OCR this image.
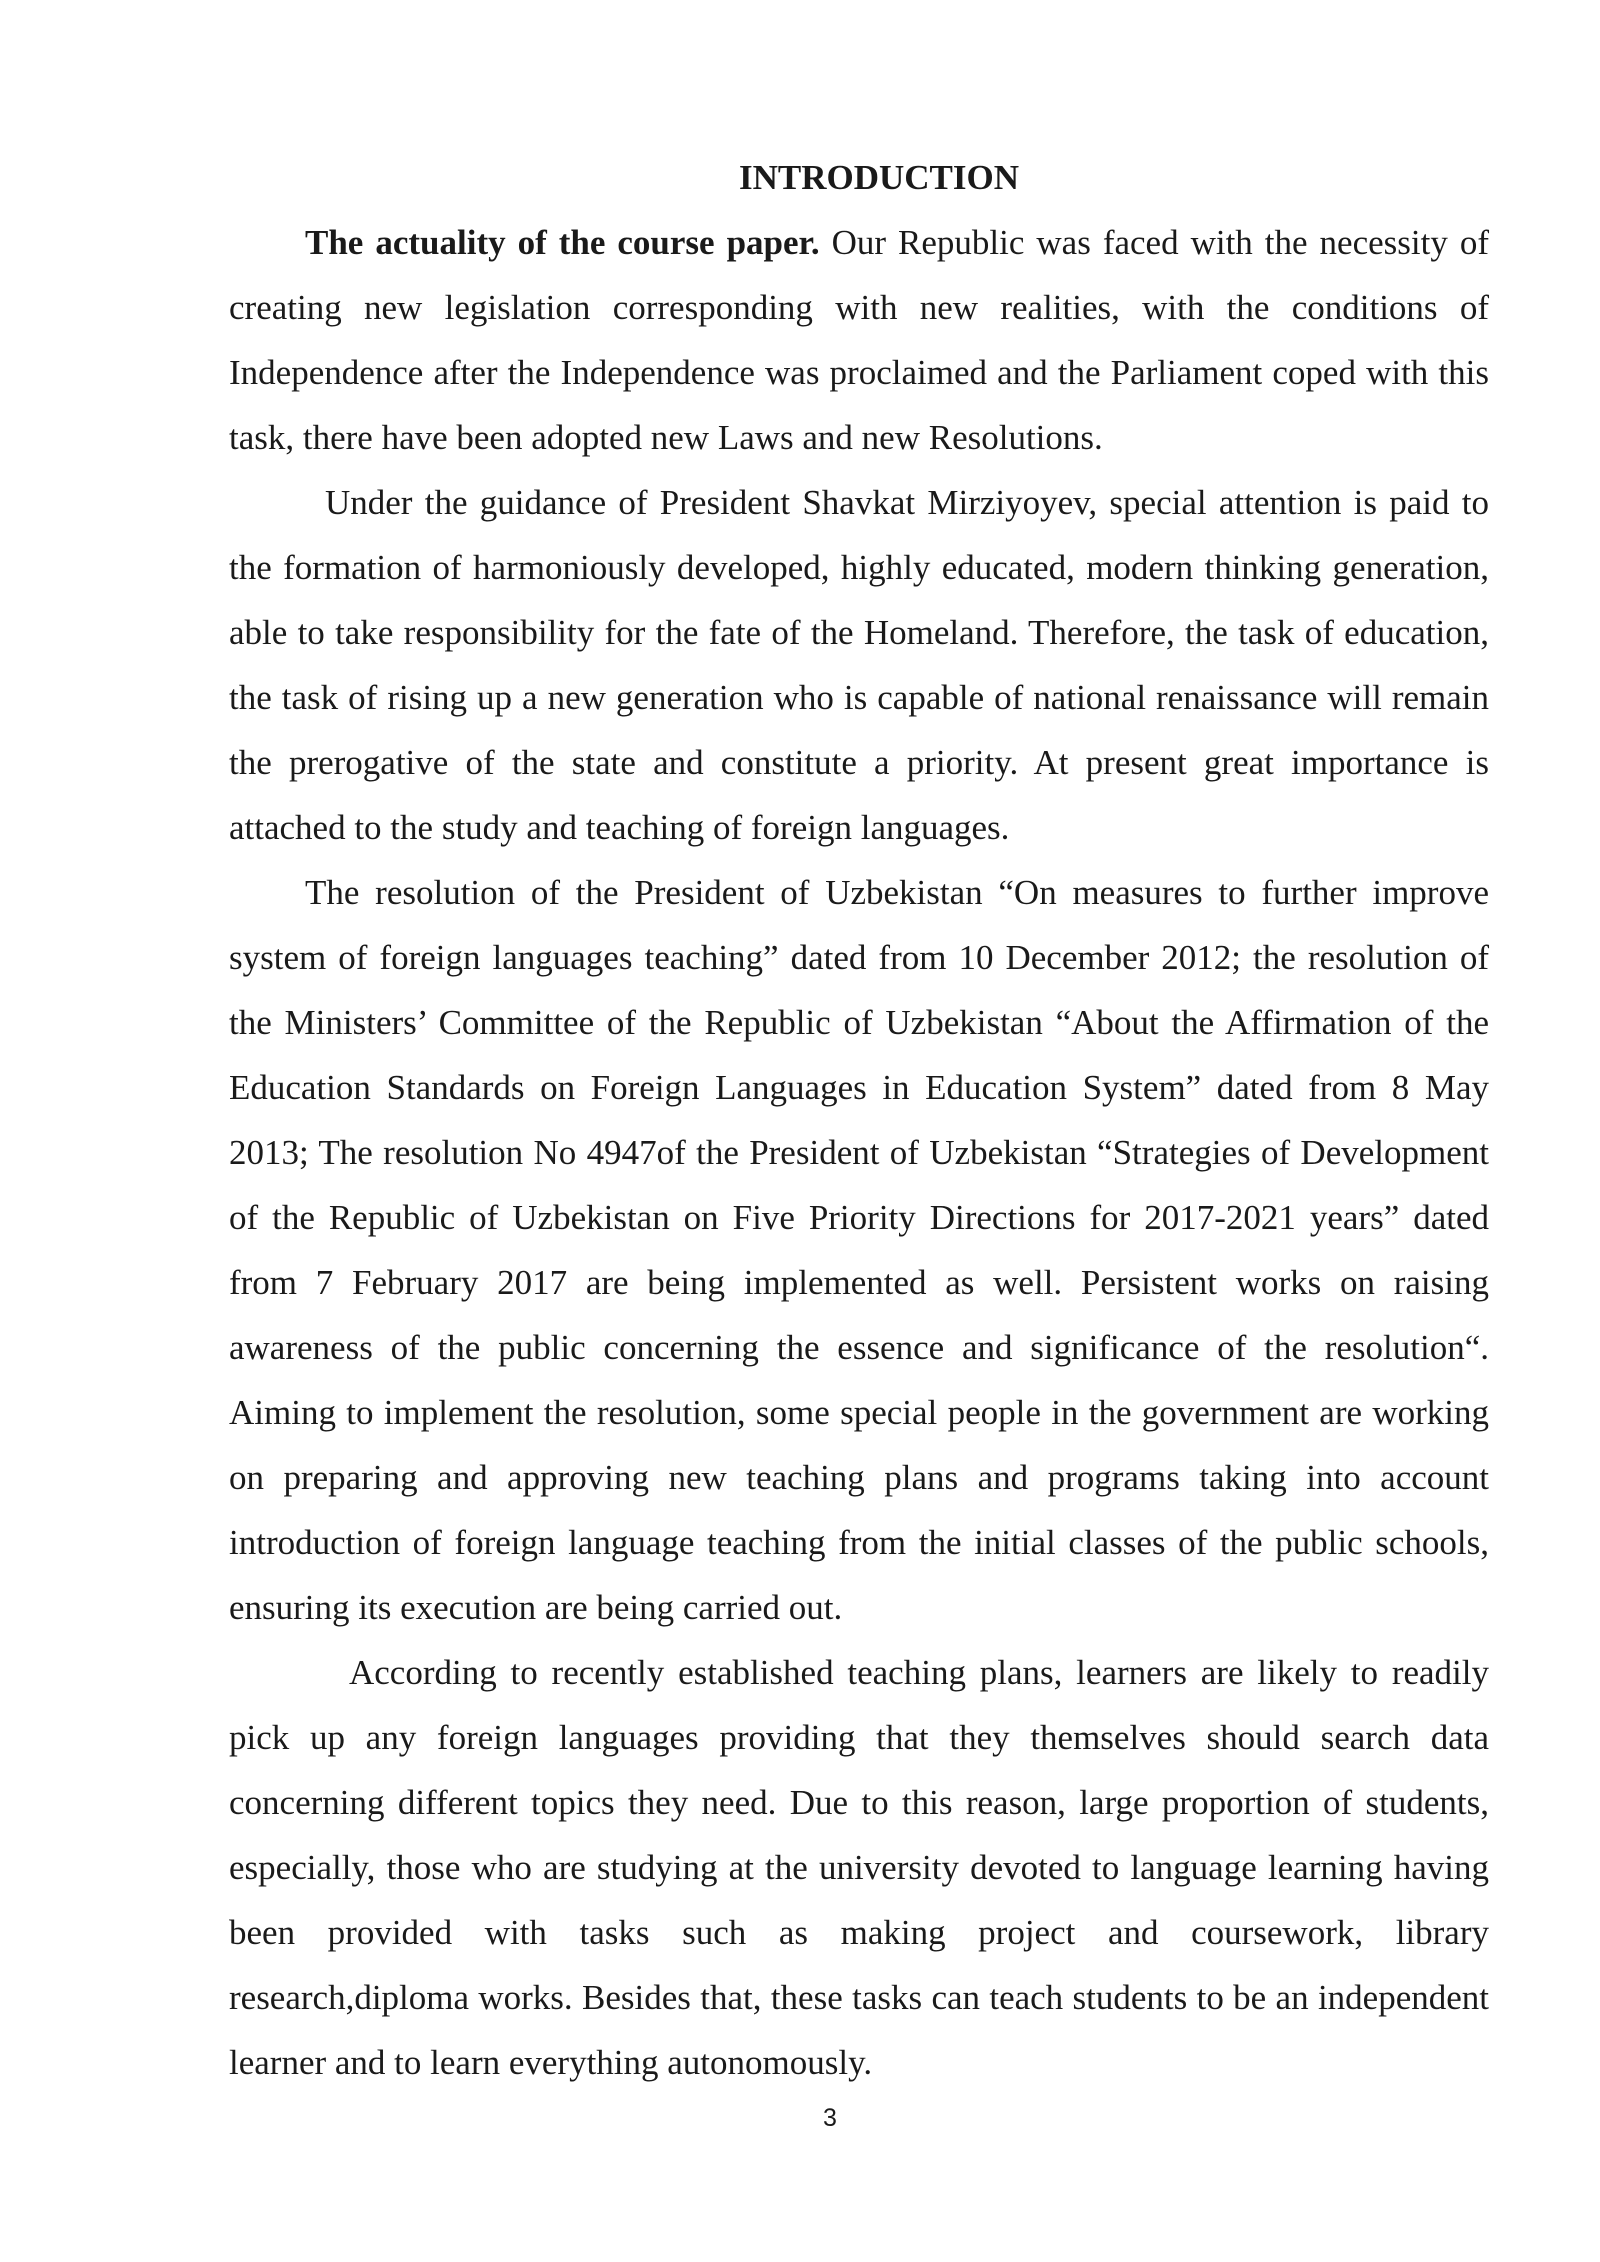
INTRODUCTION

The actuality of the course paper. Our Republic was faced with the necessity of creating new legislation corresponding with new realities, with the conditions of Independence after the Independence was proclaimed and the Parliament coped with this task, there have been adopted new Laws and new Resolutions.

Under the guidance of President Shavkat Mirziyoyev, special attention is paid to the formation of harmoniously developed, highly educated, modern thinking generation, able to take responsibility for the fate of the Homeland. Therefore, the task of education, the task of rising up a new generation who is capable of national renaissance will remain the prerogative of the state and constitute a priority. At present great importance is attached to the study and teaching of foreign languages.

The resolution of the President of Uzbekistan “On measures to further improve system of foreign languages teaching” dated from 10 December 2012; the resolution of the Ministers’ Committee of the Republic of Uzbekistan “About the Affirmation of the Education Standards on Foreign Languages in Education System” dated from 8 May 2013; The resolution No 4947of the President of Uzbekistan “Strategies of Development of the Republic of Uzbekistan on Five Priority Directions for 2017-2021 years” dated from 7 February 2017 are being implemented as well. Persistent works on raising awareness of the public concerning the essence and significance of the resolution“. Aiming to implement the resolution, some special people in the government are working on preparing and approving new teaching plans and programs taking into account introduction of foreign language teaching from the initial classes of the public schools, ensuring its execution are being carried out.

According to recently established teaching plans, learners are likely to readily pick up any foreign languages providing that they themselves should search data concerning different topics they need. Due to this reason, large proportion of students, especially, those who are studying at the university devoted to language learning having been provided with tasks such as making project and coursework, library research,diploma works. Besides that, these tasks can teach students to be an independent learner and to learn everything autonomously.

3
